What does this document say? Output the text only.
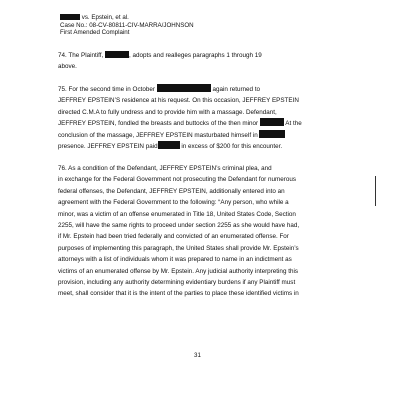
vs. Epstein, et al.
Case No.: 08-CV-80811-CIV-MARRA/JOHNSON
First Amended Complaint
74. The Plaintiff,	, adopts and realleges paragraphs 1 through 19
above.
75. For the second time in October	again returned to
JEFFREY EPSTEIN’S residence at his request. On this occasion, JEFFREY EPSTEIN
directed C.M.A to fully undress and to provide him with a massage. Defendant,
JEFFREY EPSTEIN, fondled the breasts and buttocks of the then minor	At the
conclusion of the massage, JEFFREY EPSTEIN masturbated himself in
presence. JEFFREY EPSTEIN paid	in excess of $200 for this encounter.
76. As a condition of the Defendant, JEFFREY EPSTEIN’s criminal plea, and
in exchange for the Federal Government not prosecuting the Defendant for numerous
federal offenses, the Defendant, JEFFREY EPSTEIN, additionally entered into an
agreement with the Federal Government to the following: “Any person, who while a
minor, was a victim of an offense enumerated in Title 18, United States Code, Section
2255, will have the same rights to proceed under section 2255 as she would have had,
if Mr. Epstein had been tried federally and convicted of an enumerated offense. For
purposes of implementing this paragraph, the United States shall provide Mr. Epstein’s
attorneys with a list of individuals whom it was prepared to name in an indictment as
victims of an enumerated offense by Mr. Epstein. Any judicial authority interpreting this
provision, including any authority determining evidentiary burdens if any Plaintiff must
meet, shall consider that it is the intent of the parties to place these identified victims in
31
